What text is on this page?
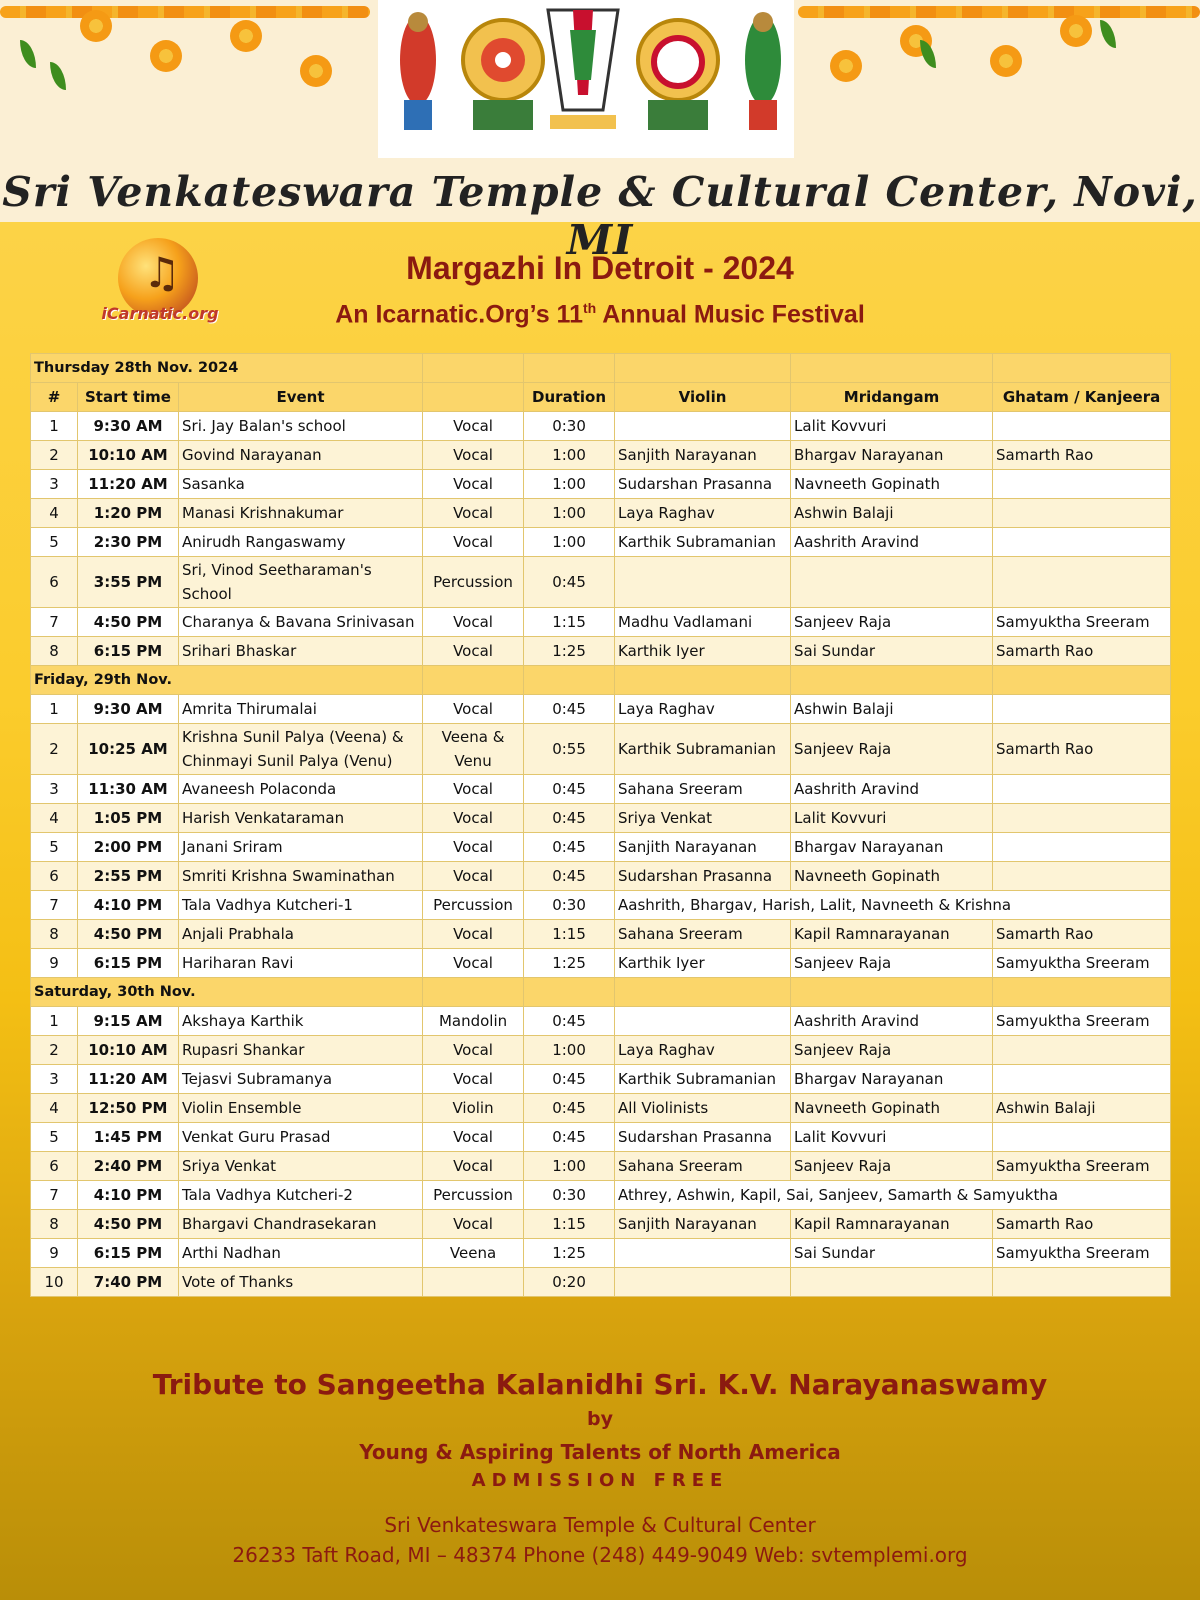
Sri Venkateswara Temple & Cultural Center, Novi, MI
♫
iCarnatic.org
Margazhi In Detroit - 2024
An Icarnatic.Org’s 11th Annual Music Festival
Thursday 28th Nov. 2024							
#	Start time	Event		Duration	Violin	Mridangam	Ghatam / Kanjeera
1	9:30 AM	Sri. Jay Balan's school	Vocal	0:30		Lalit Kovvuri	
2	10:10 AM	Govind Narayanan	Vocal	1:00	Sanjith Narayanan	Bhargav Narayanan	Samarth Rao
3	11:20 AM	Sasanka	Vocal	1:00	Sudarshan Prasanna	Navneeth Gopinath	
4	1:20 PM	Manasi Krishnakumar	Vocal	1:00	Laya Raghav	Ashwin Balaji	
5	2:30 PM	Anirudh Rangaswamy	Vocal	1:00	Karthik Subramanian	Aashrith Aravind	
6	3:55 PM	Sri, Vinod Seetharaman's School	Percussion	0:45			
7	4:50 PM	Charanya & Bavana Srinivasan	Vocal	1:15	Madhu Vadlamani	Sanjeev Raja	Samyuktha Sreeram
8	6:15 PM	Srihari Bhaskar	Vocal	1:25	Karthik Iyer	Sai Sundar	Samarth Rao
Friday, 29th Nov.							
1	9:30 AM	Amrita Thirumalai	Vocal	0:45	Laya Raghav	Ashwin Balaji	
2	10:25 AM	Krishna Sunil Palya (Veena) & Chinmayi Sunil Palya (Venu)	Veena & Venu	0:55	Karthik Subramanian	Sanjeev Raja	Samarth Rao
3	11:30 AM	Avaneesh Polaconda	Vocal	0:45	Sahana Sreeram	Aashrith Aravind	
4	1:05 PM	Harish Venkataraman	Vocal	0:45	Sriya Venkat	Lalit Kovvuri	
5	2:00 PM	Janani Sriram	Vocal	0:45	Sanjith Narayanan	Bhargav Narayanan	
6	2:55 PM	Smriti Krishna Swaminathan	Vocal	0:45	Sudarshan Prasanna	Navneeth Gopinath	
7	4:10 PM	Tala Vadhya Kutcheri-1	Percussion	0:30	Aashrith, Bhargav, Harish, Lalit, Navneeth & Krishna		
8	4:50 PM	Anjali Prabhala	Vocal	1:15	Sahana Sreeram	Kapil Ramnarayanan	Samarth Rao
9	6:15 PM	Hariharan Ravi	Vocal	1:25	Karthik Iyer	Sanjeev Raja	Samyuktha Sreeram
Saturday, 30th Nov.							
1	9:15 AM	Akshaya Karthik	Mandolin	0:45		Aashrith Aravind	Samyuktha Sreeram
2	10:10 AM	Rupasri Shankar	Vocal	1:00	Laya Raghav	Sanjeev Raja	
3	11:20 AM	Tejasvi Subramanya	Vocal	0:45	Karthik Subramanian	Bhargav Narayanan	
4	12:50 PM	Violin Ensemble	Violin	0:45	All Violinists	Navneeth Gopinath	Ashwin Balaji
5	1:45 PM	Venkat Guru Prasad	Vocal	0:45	Sudarshan Prasanna	Lalit Kovvuri	
6	2:40 PM	Sriya Venkat	Vocal	1:00	Sahana Sreeram	Sanjeev Raja	Samyuktha Sreeram
7	4:10 PM	Tala Vadhya Kutcheri-2	Percussion	0:30	Athrey, Ashwin, Kapil, Sai, Sanjeev, Samarth & Samyuktha		
8	4:50 PM	Bhargavi Chandrasekaran	Vocal	1:15	Sanjith Narayanan	Kapil Ramnarayanan	Samarth Rao
9	6:15 PM	Arthi Nadhan	Veena	1:25		Sai Sundar	Samyuktha Sreeram
10	7:40 PM	Vote of Thanks		0:20			
Tribute to Sangeetha Kalanidhi Sri. K.V. Narayanaswamy
by
Young & Aspiring Talents of North America
ADMISSION FREE
Sri Venkateswara Temple & Cultural Center
26233 Taft Road, MI – 48374 Phone (248) 449-9049 Web: svtemplemi.org
